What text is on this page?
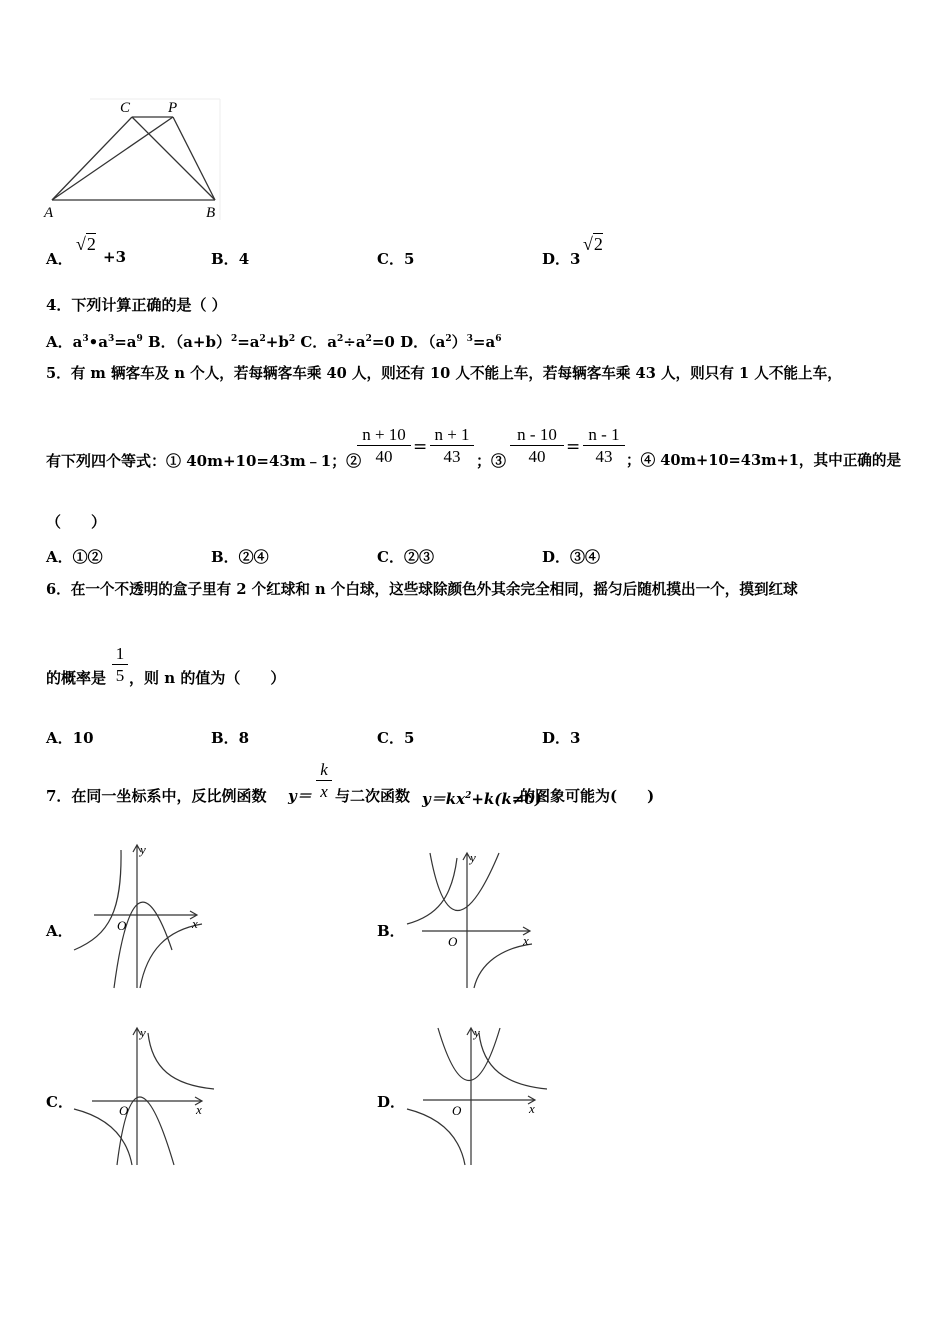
C	P
A	B
A．
√2
+3	B．4	C．5	D．3
√2
4．下列计算正确的是（ ）
A．$a^3•a^3=a^9$ B．$(a+b)^2=a^2+b^2$ C．$a^2\div a^2=0$ D．$(a^2)^3=a^6$
5．有 m 辆客车及 n 个人，若每辆客车乘 40 人，则还有 10 人不能上车，若每辆客车乘 43 人，则只有 1 人不能上车，
有下列四个等式：① 40m+10=43m﹣1；②
n + 10
40	=
n + 1
43	；③
n - 10
40	=
n - 1
43 ；④ 40m+10=43m+1，其中正确的是
（　　）
A．①②	B．②④	C．②③	D．③④
6．在一个不透明的盒子里有 2 个红球和 n 个白球，这些球除颜色外其余完全相同，摇匀后随机摸出一个，摸到红球
的概率是
1
5 ，则 n 的值为（　　）
A．10	B．8	C．5	D．3
7．在同一坐标系中，反比例函数 y＝
k
x 与二次函数 $y=kx^2+k(k\ne 0)$
的图象可能为(　　)
A．	B．
C．	D．
x
y
O
x
y
O
x
y
O	x
y
O
